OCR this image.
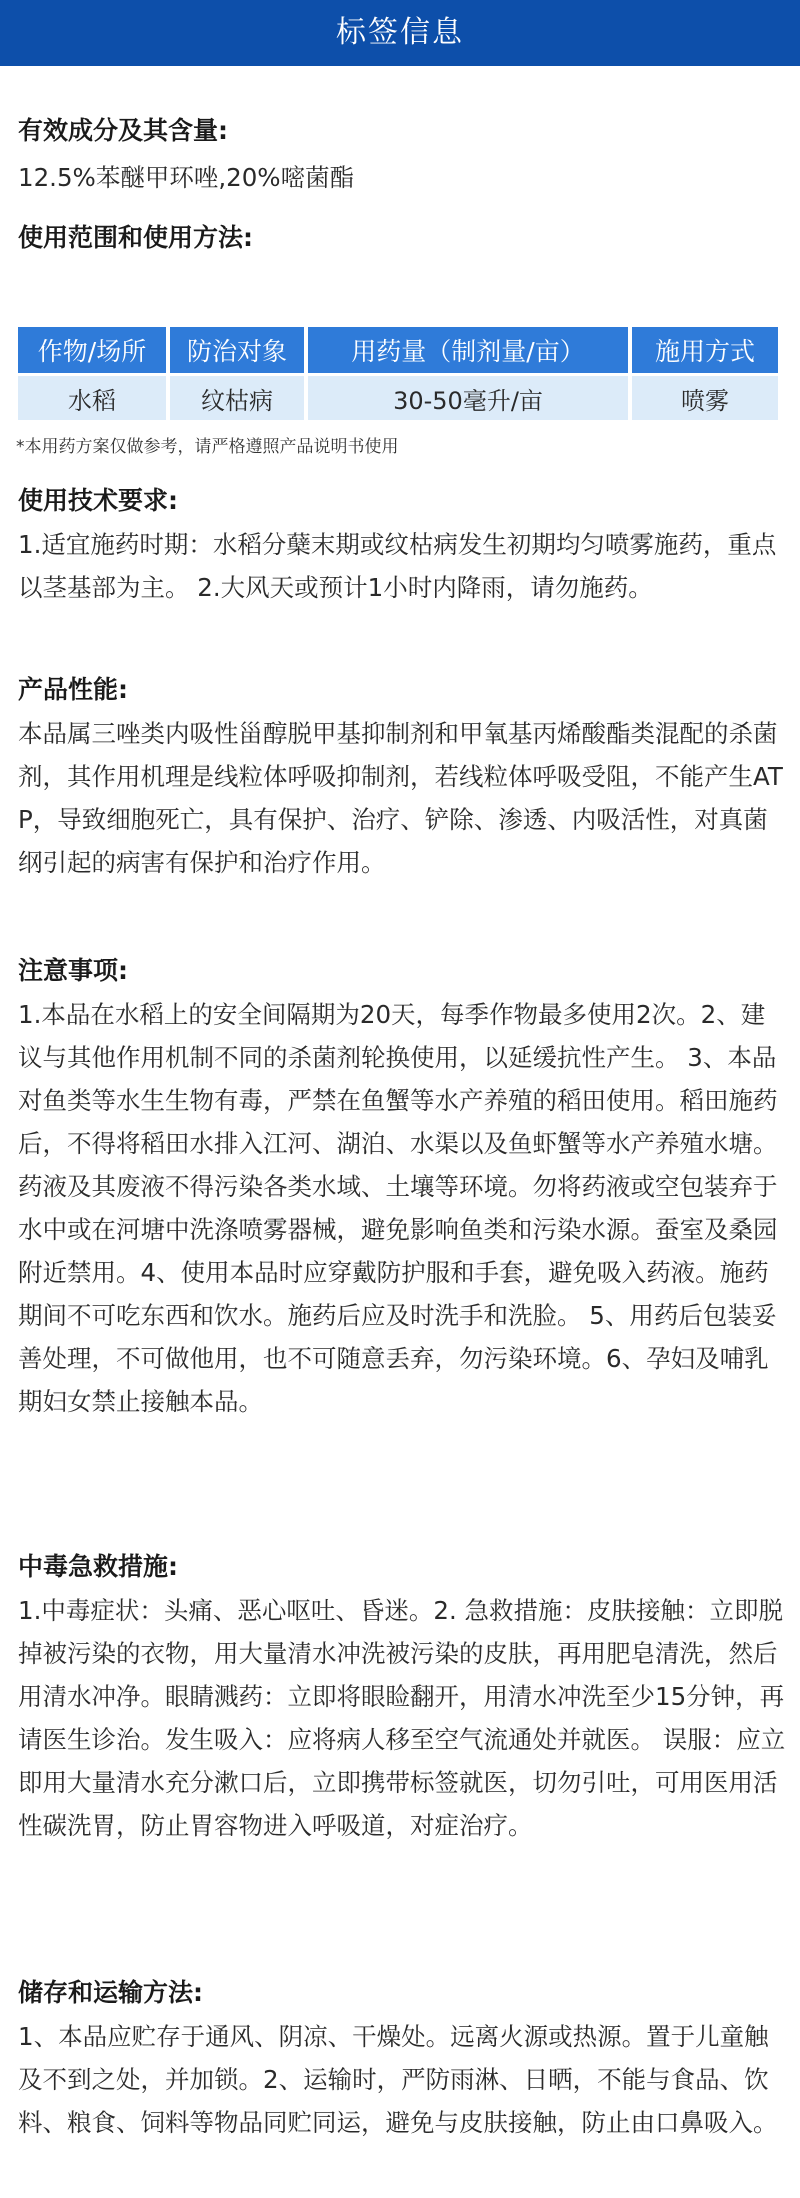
标签信息
有效成分及其含量:
12.5%苯醚甲环唑,20%嘧菌酯
使用范围和使用方法:
作物/场所	防治对象	用药量（制剂量/亩）	施用方式
水稻	纹枯病	30-50毫升/亩	喷雾
*本用药方案仅做参考，请严格遵照产品说明书使用
使用技术要求:
1.适宜施药时期：水稻分蘖末期或纹枯病发生初期均匀喷雾施药，重点以茎基部为主。 2.大风天或预计1小时内降雨，请勿施药。
产品性能:
本品属三唑类内吸性甾醇脱甲基抑制剂和甲氧基丙烯酸酯类混配的杀菌剂，其作用机理是线粒体呼吸抑制剂，若线粒体呼吸受阻，不能产生ATP，导致细胞死亡，具有保护、治疗、铲除、渗透、内吸活性，对真菌纲引起的病害有保护和治疗作用。
注意事项:
1.本品在水稻上的安全间隔期为20天，每季作物最多使用2次。2、建议与其他作用机制不同的杀菌剂轮换使用，以延缓抗性产生。 3、本品对鱼类等水生生物有毒，严禁在鱼蟹等水产养殖的稻田使用。稻田施药后，不得将稻田水排入江河、湖泊、水渠以及鱼虾蟹等水产养殖水塘。药液及其废液不得污染各类水域、土壤等环境。勿将药液或空包装弃于水中或在河塘中洗涤喷雾器械，避免影响鱼类和污染水源。蚕室及桑园附近禁用。4、使用本品时应穿戴防护服和手套，避免吸入药液。施药期间不可吃东西和饮水。施药后应及时洗手和洗脸。 5、用药后包装妥善处理，不可做他用，也不可随意丢弃，勿污染环境。6、孕妇及哺乳期妇女禁止接触本品。
中毒急救措施:
1.中毒症状：头痛、恶心呕吐、昏迷。2. 急救措施：皮肤接触：立即脱掉被污染的衣物，用大量清水冲洗被污染的皮肤，再用肥皂清洗，然后用清水冲净。眼睛溅药：立即将眼睑翻开，用清水冲洗至少15分钟，再请医生诊治。发生吸入：应将病人移至空气流通处并就医。 误服：应立即用大量清水充分漱口后，立即携带标签就医，切勿引吐，可用医用活性碳洗胃，防止胃容物进入呼吸道，对症治疗。
储存和运输方法:
1、本品应贮存于通风、阴凉、干燥处。远离火源或热源。置于儿童触及不到之处，并加锁。2、运输时，严防雨淋、日晒，不能与食品、饮料、粮食、饲料等物品同贮同运，避免与皮肤接触，防止由口鼻吸入。
